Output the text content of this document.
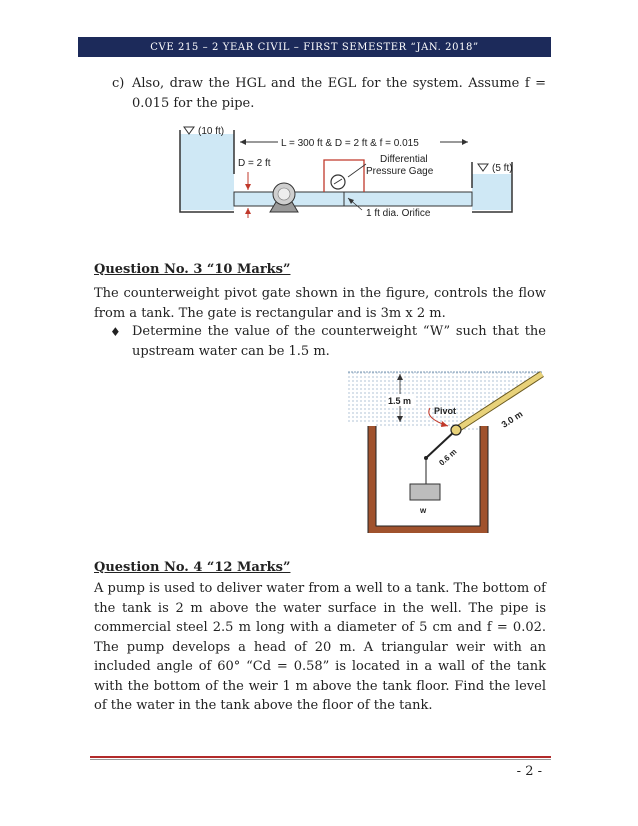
CVE 215 – 2 YEAR CIVIL – FIRST SEMESTER “JAN. 2018”
c) Also, draw the HGL and the EGL for the system. Assume f = 0.015 for the pipe.
(10 ft)
(5 ft)
L = 300 ft & D = 2 ft & f = 0.015
D = 2 ft	Differential
Pressure Gage
1 ft dia. Orifice
Question No. 3 “10 Marks”
The counterweight pivot gate shown in the figure, controls the flow from a tank. The gate is rectangular and is 3m x 2 m.
♦ Determine the value of the counterweight “W” such that the upstream water can be 1.5 m.
1.5 m
Pivot	3.0 m
0.6 m
w
Question No. 4 “12 Marks”
A pump is used to deliver water from a well to a tank. The bottom of the tank is 2 m above the water surface in the well. The pipe is commercial steel 2.5 m long with a diameter of 5 cm and f = 0.02. The pump develops a head of 20 m. A triangular weir with an included angle of 60° “Cd = 0.58” is located in a wall of the tank with the bottom of the weir 1 m above the tank floor. Find the level of the water in the tank above the floor of the tank.
- 2 -
